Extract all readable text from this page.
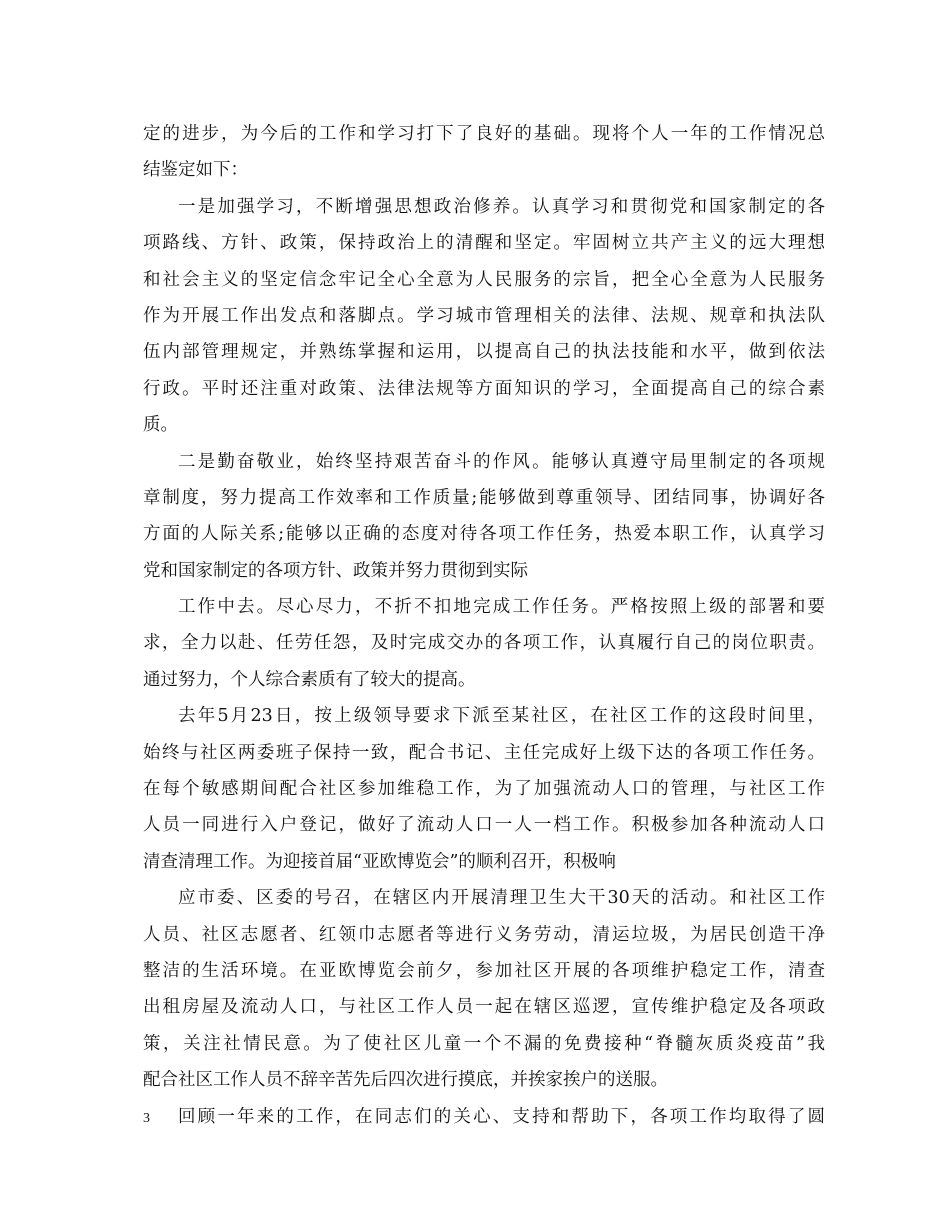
定的进步，为今后的工作和学习打下了良好的基础。现将个人一年的工作情况总
结鉴定如下：
一是加强学习，不断增强思想政治修养。认真学习和贯彻党和国家制定的各
项路线、方针、政策，保持政治上的清醒和坚定。牢固树立共产主义的远大理想
和社会主义的坚定信念牢记全心全意为人民服务的宗旨，把全心全意为人民服务
作为开展工作出发点和落脚点。学习城市管理相关的法律、法规、规章和执法队
伍内部管理规定，并熟练掌握和运用，以提高自己的执法技能和水平，做到依法
行政。平时还注重对政策、法律法规等方面知识的学习，全面提高自己的综合素
质。
二是勤奋敬业，始终坚持艰苦奋斗的作风。能够认真遵守局里制定的各项规
章制度，努力提高工作效率和工作质量;能够做到尊重领导、团结同事，协调好各
方面的人际关系;能够以正确的态度对待各项工作任务，热爱本职工作，认真学习
党和国家制定的各项方针、政策并努力贯彻到实际
工作中去。尽心尽力，不折不扣地完成工作任务。严格按照上级的部署和要
求，全力以赴、任劳任怨，及时完成交办的各项工作，认真履行自己的岗位职责。
通过努力，个人综合素质有了较大的提高。
去年5月23日，按上级领导要求下派至某社区，在社区工作的这段时间里，
始终与社区两委班子保持一致，配合书记、主任完成好上级下达的各项工作任务。
在每个敏感期间配合社区参加维稳工作，为了加强流动人口的管理，与社区工作
人员一同进行入户登记，做好了流动人口一人一档工作。积极参加各种流动人口
清查清理工作。为迎接首届“亚欧博览会”的顺利召开，积极响
应市委、区委的号召，在辖区内开展清理卫生大干30天的活动。和社区工作
人员、社区志愿者、红领巾志愿者等进行义务劳动，清运垃圾，为居民创造干净
整洁的生活环境。在亚欧博览会前夕，参加社区开展的各项维护稳定工作，清查
出租房屋及流动人口，与社区工作人员一起在辖区巡逻，宣传维护稳定及各项政
策，关注社情民意。为了使社区儿童一个不漏的免费接种“脊髓灰质炎疫苗”我
配合社区工作人员不辞辛苦先后四次进行摸底，并挨家挨户的送服。
回顾一年来的工作，在同志们的关心、支持和帮助下，各项工作均取得了圆
3
